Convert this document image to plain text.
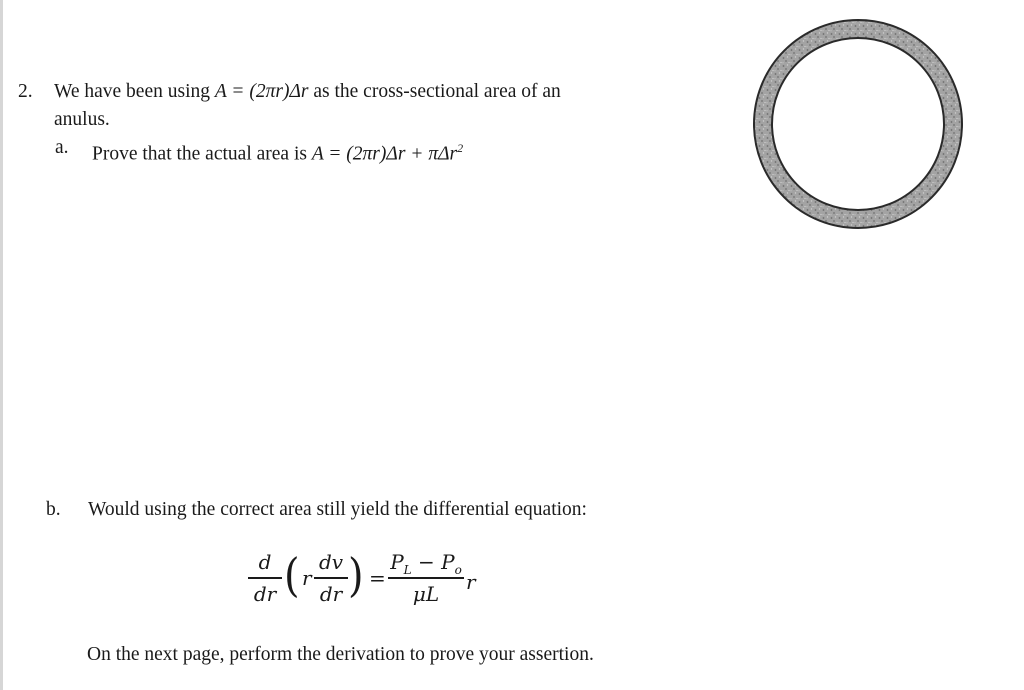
2. We have been using A = (2πr)Δr as the cross-sectional area of an
anulus.
a. Prove that the actual area is A = (2πr)Δr + πΔr$^2$
b. Would using the correct area still yield the differential equation:
d
dr ( r
dv
dr ) =
$P_L - P_o$
μL	r
On the next page, perform the derivation to prove your assertion.
